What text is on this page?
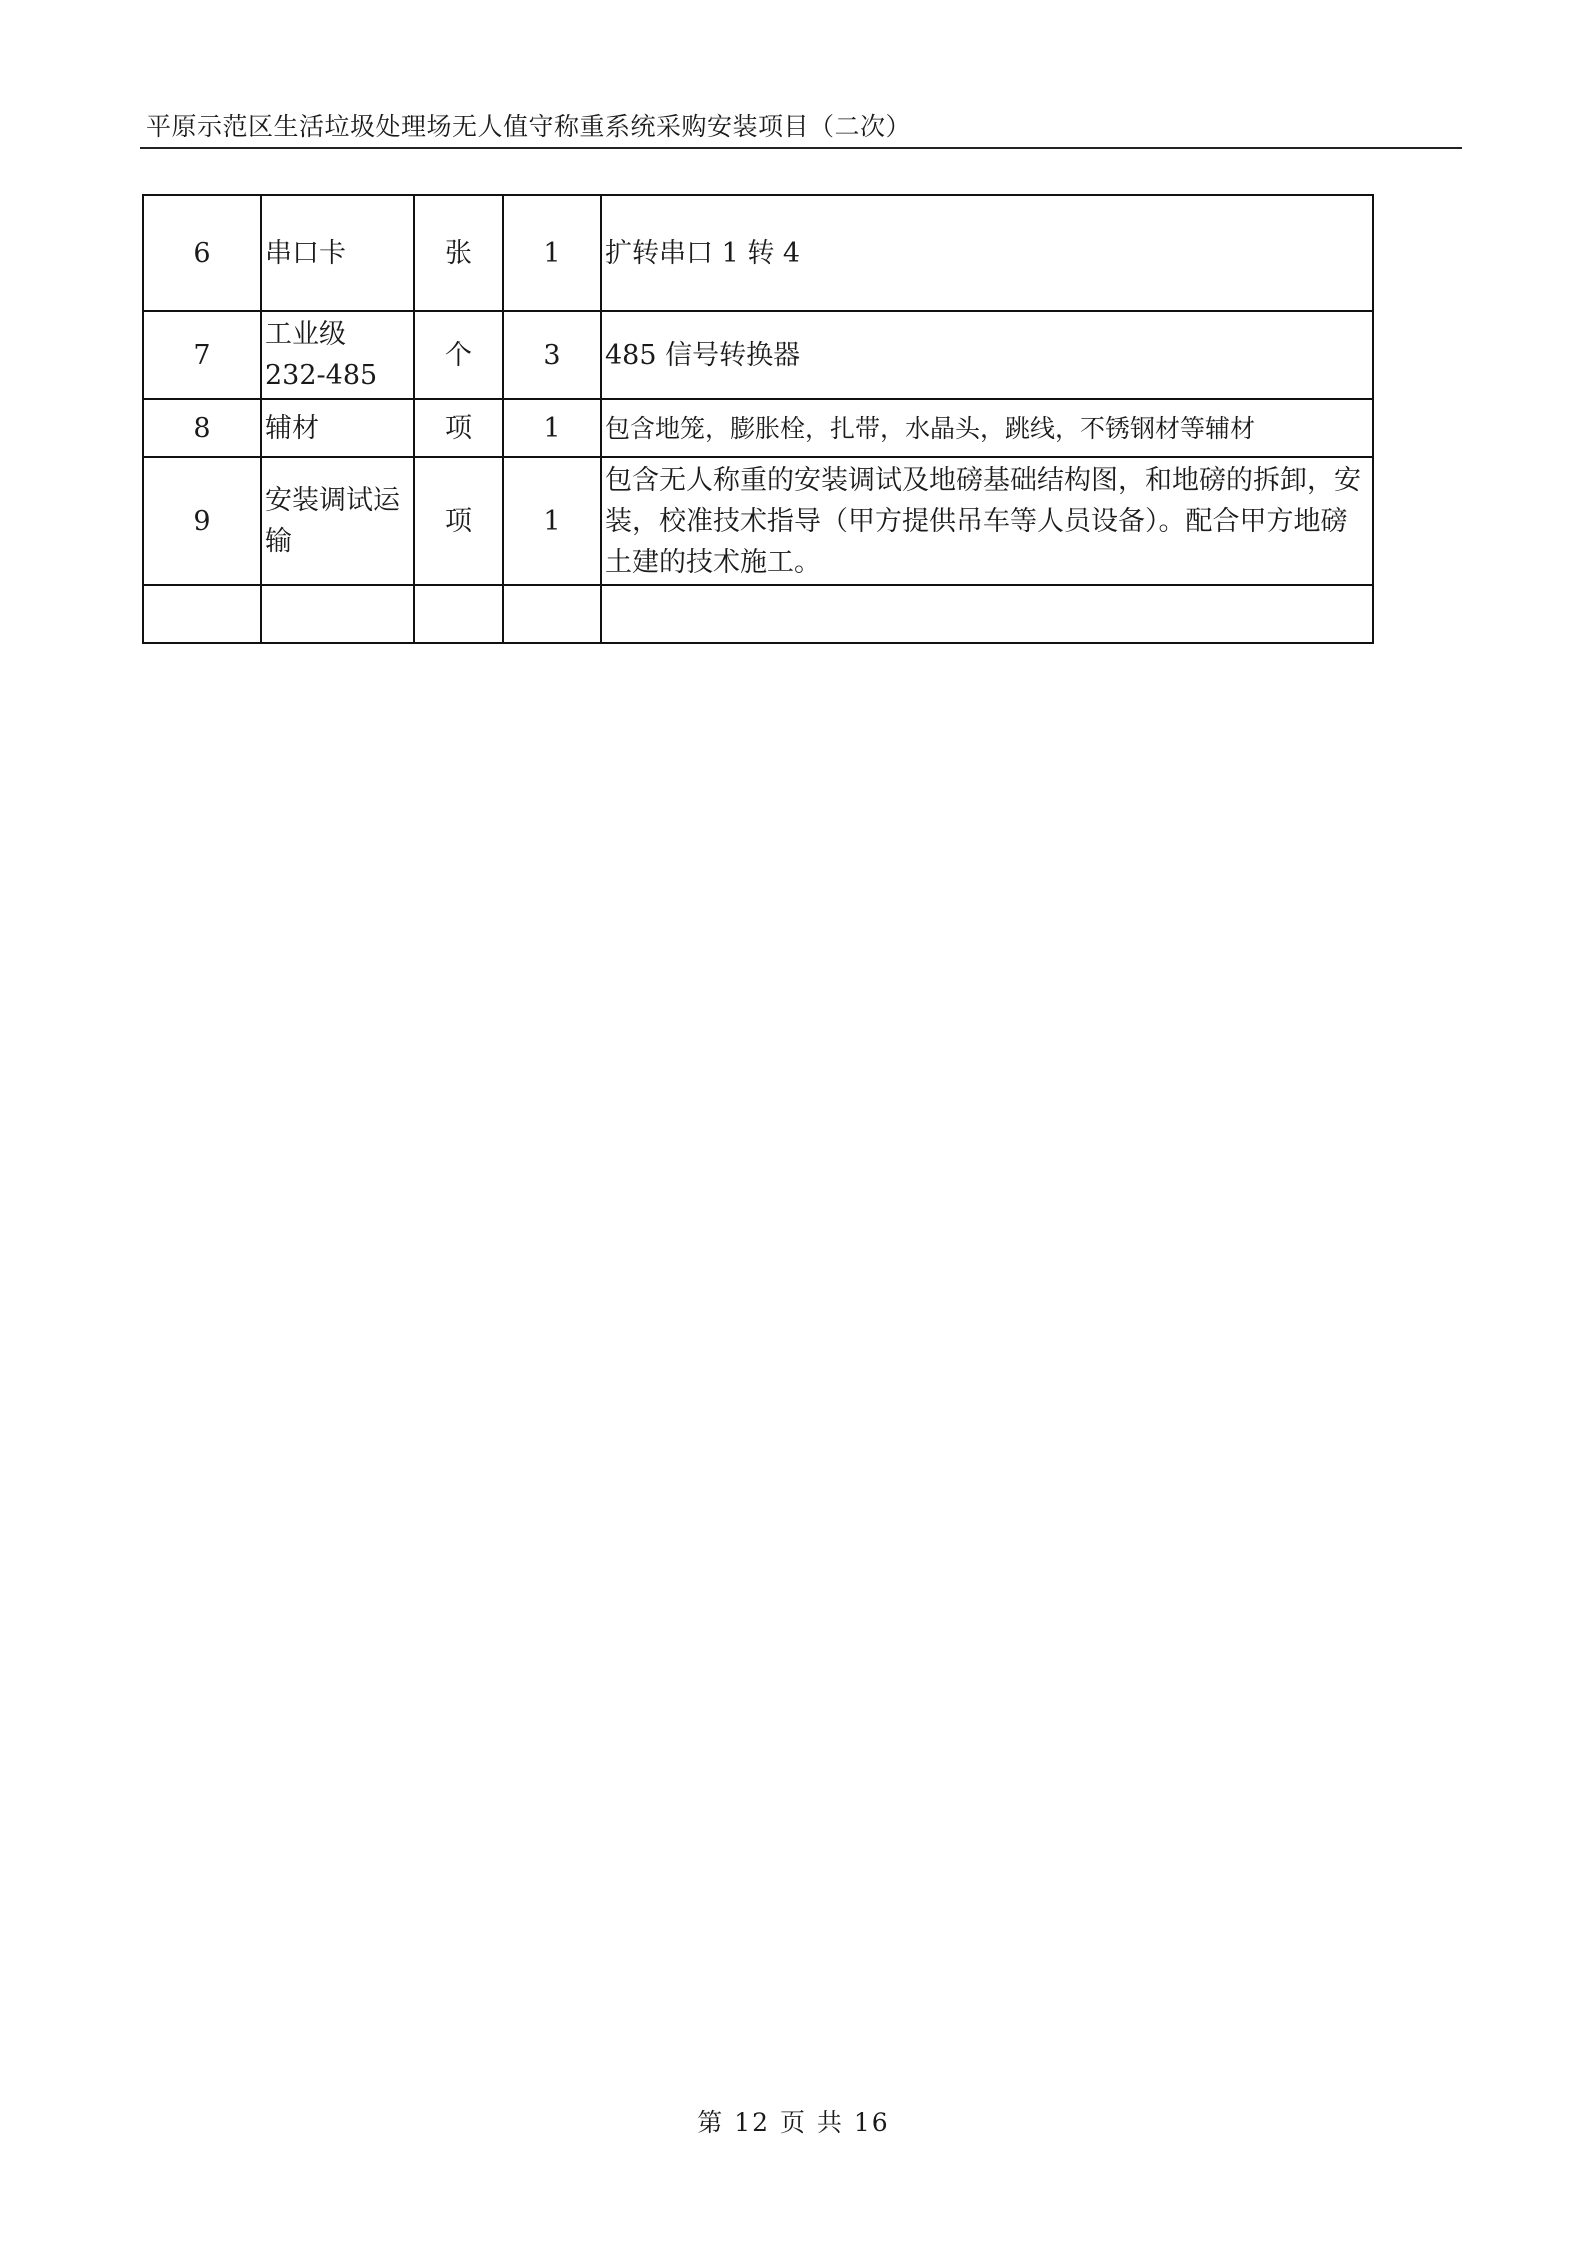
平原示范区生活垃圾处理场无人值守称重系统采购安装项目（二次）
6	串口卡	张	1	扩转串口 1 转 4
7	工业级 232-485	个	3	485 信号转换器
8	辅材	项	1	包含地笼，膨胀栓，扎带，水晶头，跳线，不锈钢材等辅材
9	安装调试运输	项	1	包含无人称重的安装调试及地磅基础结构图，和地磅的拆卸，安装，校准技术指导（甲方提供吊车等人员设备）。配合甲方地磅土建的技术施工。

第 12 页 共 16
